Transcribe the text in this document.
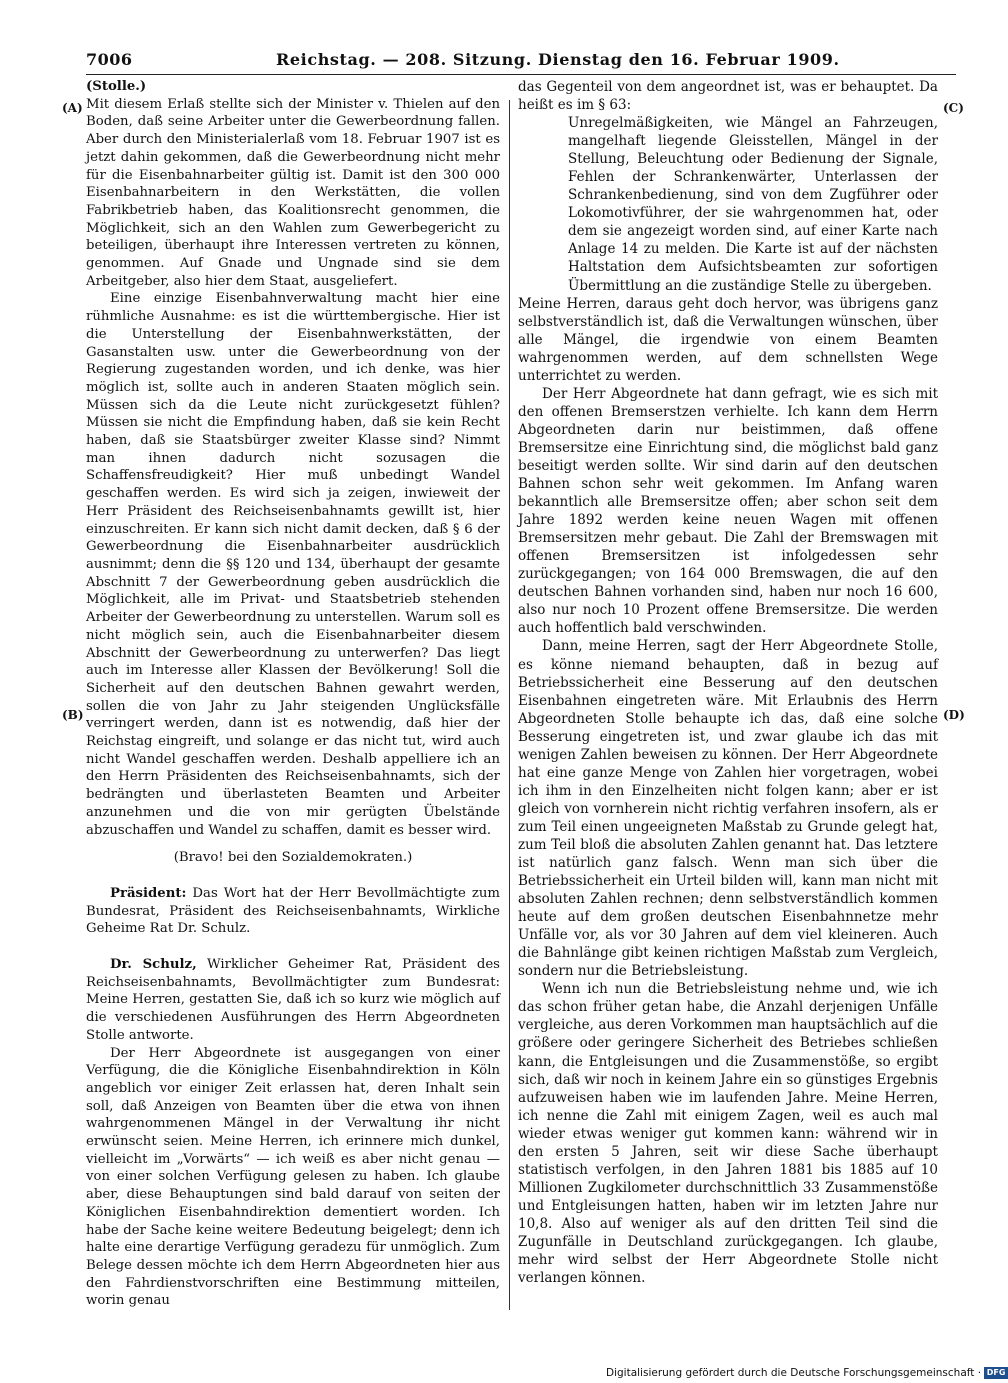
7006	Reichstag. — 208. Sitzung. Dienstag den 16. Februar 1909.
(A)
(B)
(C)
(D)

(Stolle.)

Mit diesem Erlaß stellte sich der Minister v. Thielen auf den Boden, daß seine Arbeiter unter die Gewerbeordnung fallen. Aber durch den Ministerialerlaß vom 18. Februar 1907 ist es jetzt dahin gekommen, daß die Gewerbeordnung nicht mehr für die Eisenbahnarbeiter gültig ist. Damit ist den 300 000 Eisenbahnarbeitern in den Werkstätten, die vollen Fabrikbetrieb haben, das Koalitionsrecht genommen, die Möglichkeit, sich an den Wahlen zum Gewerbegericht zu beteiligen, überhaupt ihre Interessen vertreten zu können, genommen. Auf Gnade und Ungnade sind sie dem Arbeitgeber, also hier dem Staat, ausgeliefert.

Eine einzige Eisenbahnverwaltung macht hier eine rühmliche Ausnahme: es ist die württembergische. Hier ist die Unterstellung der Eisenbahnwerkstätten, der Gasanstalten usw. unter die Gewerbeordnung von der Regierung zugestanden worden, und ich denke, was hier möglich ist, sollte auch in anderen Staaten möglich sein. Müssen sich da die Leute nicht zurückgesetzt fühlen? Müssen sie nicht die Empfindung haben, daß sie kein Recht haben, daß sie Staatsbürger zweiter Klasse sind? Nimmt man ihnen dadurch nicht sozusagen die Schaffensfreudigkeit? Hier muß unbedingt Wandel geschaffen werden. Es wird sich ja zeigen, inwieweit der Herr Präsident des Reichseisenbahnamts gewillt ist, hier einzuschreiten. Er kann sich nicht damit decken, daß § 6 der Gewerbeordnung die Eisenbahnarbeiter ausdrücklich ausnimmt; denn die §§ 120 und 134, überhaupt der gesamte Abschnitt 7 der Gewerbeordnung geben ausdrücklich die Möglichkeit, alle im Privat- und Staatsbetrieb stehenden Arbeiter der Gewerbeordnung zu unterstellen. Warum soll es nicht möglich sein, auch die Eisenbahnarbeiter diesem Abschnitt der Gewerbeordnung zu unterwerfen? Das liegt auch im Interesse aller Klassen der Bevölkerung! Soll die Sicherheit auf den deutschen Bahnen gewahrt werden, sollen die von Jahr zu Jahr steigenden Unglücksfälle verringert werden, dann ist es notwendig, daß hier der Reichstag eingreift, und solange er das nicht tut, wird auch nicht Wandel geschaffen werden. Deshalb appelliere ich an den Herrn Präsidenten des Reichseisenbahnamts, sich der bedrängten und überlasteten Beamten und Arbeiter anzunehmen und die von mir gerügten Übelstände abzuschaffen und Wandel zu schaffen, damit es besser wird.

(Bravo! bei den Sozialdemokraten.)

Präsident: Das Wort hat der Herr Bevollmächtigte zum Bundesrat, Präsident des Reichseisenbahnamts, Wirkliche Geheime Rat Dr. Schulz.

Dr. Schulz, Wirklicher Geheimer Rat, Präsident des Reichseisenbahnamts, Bevollmächtigter zum Bundesrat: Meine Herren, gestatten Sie, daß ich so kurz wie möglich auf die verschiedenen Ausführungen des Herrn Abgeordneten Stolle antworte.

Der Herr Abgeordnete ist ausgegangen von einer Verfügung, die die Königliche Eisenbahndirektion in Köln angeblich vor einiger Zeit erlassen hat, deren Inhalt sein soll, daß Anzeigen von Beamten über die etwa von ihnen wahrgenommenen Mängel in der Verwaltung ihr nicht erwünscht seien. Meine Herren, ich erinnere mich dunkel, vielleicht im „Vorwärts“ — ich weiß es aber nicht genau — von einer solchen Verfügung gelesen zu haben. Ich glaube aber, diese Behauptungen sind bald darauf von seiten der Königlichen Eisenbahndirektion dementiert worden. Ich habe der Sache keine weitere Bedeutung beigelegt; denn ich halte eine derartige Verfügung geradezu für unmöglich. Zum Belege dessen möchte ich dem Herrn Abgeordneten hier aus den Fahrdienstvorschriften eine Bestimmung mitteilen, worin genau

das Gegenteil von dem angeordnet ist, was er behauptet. Da heißt es im § 63:

Unregelmäßigkeiten, wie Mängel an Fahrzeugen, mangelhaft liegende Gleisstellen, Mängel in der Stellung, Beleuchtung oder Bedienung der Signale, Fehlen der Schrankenwärter, Unterlassen der Schrankenbedienung, sind von dem Zugführer oder Lokomotivführer, der sie wahrgenommen hat, oder dem sie angezeigt worden sind, auf einer Karte nach Anlage 14 zu melden. Die Karte ist auf der nächsten Haltstation dem Aufsichtsbeamten zur sofortigen Übermittlung an die zuständige Stelle zu übergeben.

Meine Herren, daraus geht doch hervor, was übrigens ganz selbstverständlich ist, daß die Verwaltungen wünschen, über alle Mängel, die irgendwie von einem Beamten wahrgenommen werden, auf dem schnellsten Wege unterrichtet zu werden.

Der Herr Abgeordnete hat dann gefragt, wie es sich mit den offenen Bremserstzen verhielte. Ich kann dem Herrn Abgeordneten darin nur beistimmen, daß offene Bremsersitze eine Einrichtung sind, die möglichst bald ganz beseitigt werden sollte. Wir sind darin auf den deutschen Bahnen schon sehr weit gekommen. Im Anfang waren bekanntlich alle Bremsersitze offen; aber schon seit dem Jahre 1892 werden keine neuen Wagen mit offenen Bremsersitzen mehr gebaut. Die Zahl der Bremswagen mit offenen Bremsersitzen ist infolgedessen sehr zurückgegangen; von 164 000 Bremswagen, die auf den deutschen Bahnen vorhanden sind, haben nur noch 16 600, also nur noch 10 Prozent offene Bremsersitze. Die werden auch hoffentlich bald verschwinden.

Dann, meine Herren, sagt der Herr Abgeordnete Stolle, es könne niemand behaupten, daß in bezug auf Betriebssicherheit eine Besserung auf den deutschen Eisenbahnen eingetreten wäre. Mit Erlaubnis des Herrn Abgeordneten Stolle behaupte ich das, daß eine solche Besserung eingetreten ist, und zwar glaube ich das mit wenigen Zahlen beweisen zu können. Der Herr Abgeordnete hat eine ganze Menge von Zahlen hier vorgetragen, wobei ich ihm in den Einzelheiten nicht folgen kann; aber er ist gleich von vornherein nicht richtig verfahren insofern, als er zum Teil einen ungeeigneten Maßstab zu Grunde gelegt hat, zum Teil bloß die absoluten Zahlen genannt hat. Das letztere ist natürlich ganz falsch. Wenn man sich über die Betriebssicherheit ein Urteil bilden will, kann man nicht mit absoluten Zahlen rechnen; denn selbstverständlich kommen heute auf dem großen deutschen Eisenbahnnetze mehr Unfälle vor, als vor 30 Jahren auf dem viel kleineren. Auch die Bahnlänge gibt keinen richtigen Maßstab zum Vergleich, sondern nur die Betriebsleistung.

Wenn ich nun die Betriebsleistung nehme und, wie ich das schon früher getan habe, die Anzahl derjenigen Unfälle vergleiche, aus deren Vorkommen man hauptsächlich auf die größere oder geringere Sicherheit des Betriebes schließen kann, die Entgleisungen und die Zusammenstöße, so ergibt sich, daß wir noch in keinem Jahre ein so günstiges Ergebnis aufzuweisen haben wie im laufenden Jahre. Meine Herren, ich nenne die Zahl mit einigem Zagen, weil es auch mal wieder etwas weniger gut kommen kann: während wir in den ersten 5 Jahren, seit wir diese Sache überhaupt statistisch verfolgen, in den Jahren 1881 bis 1885 auf 10 Millionen Zugkilometer durchschnittlich 33 Zusammenstöße und Entgleisungen hatten, haben wir im letzten Jahre nur 10,8. Also auf weniger als auf den dritten Teil sind die Zugunfälle in Deutschland zurückgegangen. Ich glaube, mehr wird selbst der Herr Abgeordnete Stolle nicht verlangen können.

Digitalisierung gefördert durch die Deutsche Forschungsgemeinschaft · DFG
